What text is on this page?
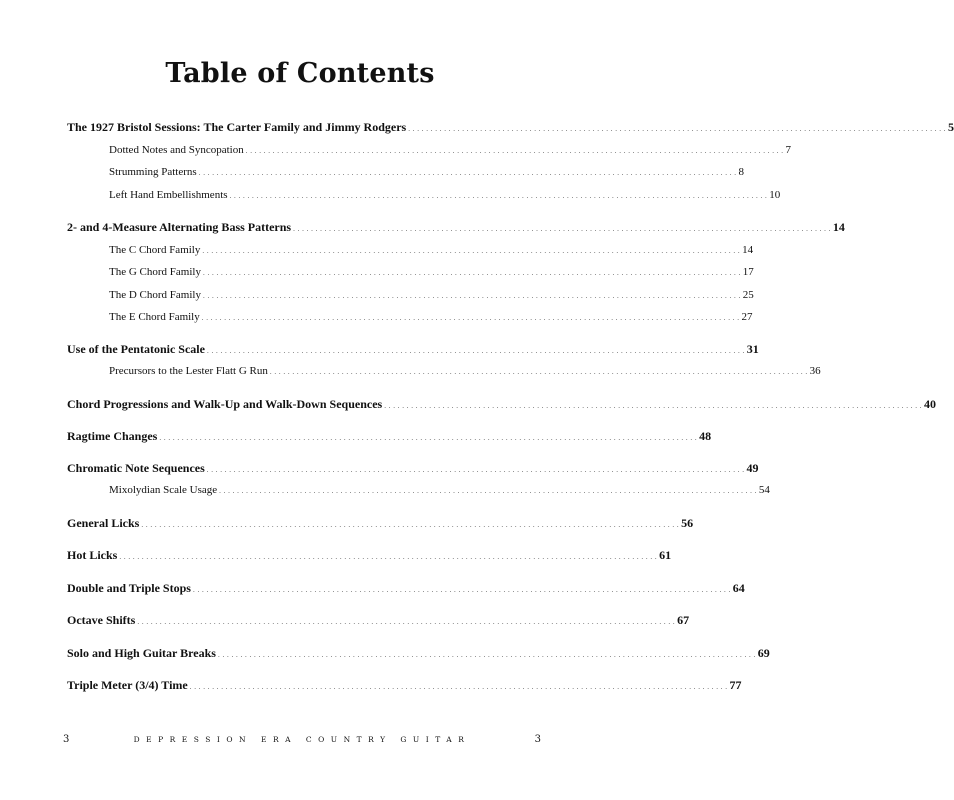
Table of Contents
The 1927 Bristol Sessions: The Carter Family and Jimmy Rodgers . . . . . . . . . . . . . . . . . . . . . . . . . . . . . . . . . . . . . . . . . . . . . . . . . . . . . . . . . . . . . . . . . . . . . . . . . . . . . . . . . . . . . . . . . . . . . . . . . . . . . . . . . . . . . . . . . . . . . . . . 5
Dotted Notes and Syncopation . . . . . . . . . . . . . . . . . . . . . . . . . . . . . . . . . . . . . . . . . . . . . . . . . . . . . . . . . . . . . . . . . . . . . . . . . . . . . . . . . . . . . . . . . . . . . . . . . . . . . . . . . . . . . . . . . . . . . . . . 7
Strumming Patterns . . . . . . . . . . . . . . . . . . . . . . . . . . . . . . . . . . . . . . . . . . . . . . . . . . . . . . . . . . . . . . . . . . . . . . . . . . . . . . . . . . . . . . . . . . . . . . . . . . . . . . . . . . . . . . . . . . . . . . . . 8
Left Hand Embellishments . . . . . . . . . . . . . . . . . . . . . . . . . . . . . . . . . . . . . . . . . . . . . . . . . . . . . . . . . . . . . . . . . . . . . . . . . . . . . . . . . . . . . . . . . . . . . . . . . . . . . . . . . . . . . . . . . . . . . . . . 10
2- and 4-Measure Alternating Bass Patterns . . . . . . . . . . . . . . . . . . . . . . . . . . . . . . . . . . . . . . . . . . . . . . . . . . . . . . . . . . . . . . . . . . . . . . . . . . . . . . . . . . . . . . . . . . . . . . . . . . . . . . . . . . . . . . . . . . . . . . . . 14
The C Chord Family . . . . . . . . . . . . . . . . . . . . . . . . . . . . . . . . . . . . . . . . . . . . . . . . . . . . . . . . . . . . . . . . . . . . . . . . . . . . . . . . . . . . . . . . . . . . . . . . . . . . . . . . . . . . . . . . . . . . . . . . 14
The G Chord Family . . . . . . . . . . . . . . . . . . . . . . . . . . . . . . . . . . . . . . . . . . . . . . . . . . . . . . . . . . . . . . . . . . . . . . . . . . . . . . . . . . . . . . . . . . . . . . . . . . . . . . . . . . . . . . . . . . . . . . . . 17
The D Chord Family . . . . . . . . . . . . . . . . . . . . . . . . . . . . . . . . . . . . . . . . . . . . . . . . . . . . . . . . . . . . . . . . . . . . . . . . . . . . . . . . . . . . . . . . . . . . . . . . . . . . . . . . . . . . . . . . . . . . . . . . 25
The E Chord Family . . . . . . . . . . . . . . . . . . . . . . . . . . . . . . . . . . . . . . . . . . . . . . . . . . . . . . . . . . . . . . . . . . . . . . . . . . . . . . . . . . . . . . . . . . . . . . . . . . . . . . . . . . . . . . . . . . . . . . . . 27
Use of the Pentatonic Scale . . . . . . . . . . . . . . . . . . . . . . . . . . . . . . . . . . . . . . . . . . . . . . . . . . . . . . . . . . . . . . . . . . . . . . . . . . . . . . . . . . . . . . . . . . . . . . . . . . . . . . . . . . . . . . . . . . . . . . . . 31
Precursors to the Lester Flatt G Run . . . . . . . . . . . . . . . . . . . . . . . . . . . . . . . . . . . . . . . . . . . . . . . . . . . . . . . . . . . . . . . . . . . . . . . . . . . . . . . . . . . . . . . . . . . . . . . . . . . . . . . . . . . . . . . . . . . . . . . . 36
Chord Progressions and Walk-Up and Walk-Down Sequences . . . . . . . . . . . . . . . . . . . . . . . . . . . . . . . . . . . . . . . . . . . . . . . . . . . . . . . . . . . . . . . . . . . . . . . . . . . . . . . . . . . . . . . . . . . . . . . . . . . . . . . . . . . . . . . . . . . . . . . . 40
Ragtime Changes . . . . . . . . . . . . . . . . . . . . . . . . . . . . . . . . . . . . . . . . . . . . . . . . . . . . . . . . . . . . . . . . . . . . . . . . . . . . . . . . . . . . . . . . . . . . . . . . . . . . . . . . . . . . . . . . . . . . . . . . 48
Chromatic Note Sequences . . . . . . . . . . . . . . . . . . . . . . . . . . . . . . . . . . . . . . . . . . . . . . . . . . . . . . . . . . . . . . . . . . . . . . . . . . . . . . . . . . . . . . . . . . . . . . . . . . . . . . . . . . . . . . . . . . . . . . . . 49
Mixolydian Scale Usage . . . . . . . . . . . . . . . . . . . . . . . . . . . . . . . . . . . . . . . . . . . . . . . . . . . . . . . . . . . . . . . . . . . . . . . . . . . . . . . . . . . . . . . . . . . . . . . . . . . . . . . . . . . . . . . . . . . . . . . . 54
General Licks . . . . . . . . . . . . . . . . . . . . . . . . . . . . . . . . . . . . . . . . . . . . . . . . . . . . . . . . . . . . . . . . . . . . . . . . . . . . . . . . . . . . . . . . . . . . . . . . . . . . . . . . . . . . . . . . . . . . . . . . 56
Hot Licks . . . . . . . . . . . . . . . . . . . . . . . . . . . . . . . . . . . . . . . . . . . . . . . . . . . . . . . . . . . . . . . . . . . . . . . . . . . . . . . . . . . . . . . . . . . . . . . . . . . . . . . . . . . . . . . . . . . . . . . . 61
Double and Triple Stops . . . . . . . . . . . . . . . . . . . . . . . . . . . . . . . . . . . . . . . . . . . . . . . . . . . . . . . . . . . . . . . . . . . . . . . . . . . . . . . . . . . . . . . . . . . . . . . . . . . . . . . . . . . . . . . . . . . . . . . . 64
Octave Shifts . . . . . . . . . . . . . . . . . . . . . . . . . . . . . . . . . . . . . . . . . . . . . . . . . . . . . . . . . . . . . . . . . . . . . . . . . . . . . . . . . . . . . . . . . . . . . . . . . . . . . . . . . . . . . . . . . . . . . . . . 67
Solo and High Guitar Breaks . . . . . . . . . . . . . . . . . . . . . . . . . . . . . . . . . . . . . . . . . . . . . . . . . . . . . . . . . . . . . . . . . . . . . . . . . . . . . . . . . . . . . . . . . . . . . . . . . . . . . . . . . . . . . . . . . . . . . . . . 69
Triple Meter (3/4) Time . . . . . . . . . . . . . . . . . . . . . . . . . . . . . . . . . . . . . . . . . . . . . . . . . . . . . . . . . . . . . . . . . . . . . . . . . . . . . . . . . . . . . . . . . . . . . . . . . . . . . . . . . . . . . . . . . . . . . . . . 77
3	DEPRESSION ERA COUNTRY GUITAR	3
